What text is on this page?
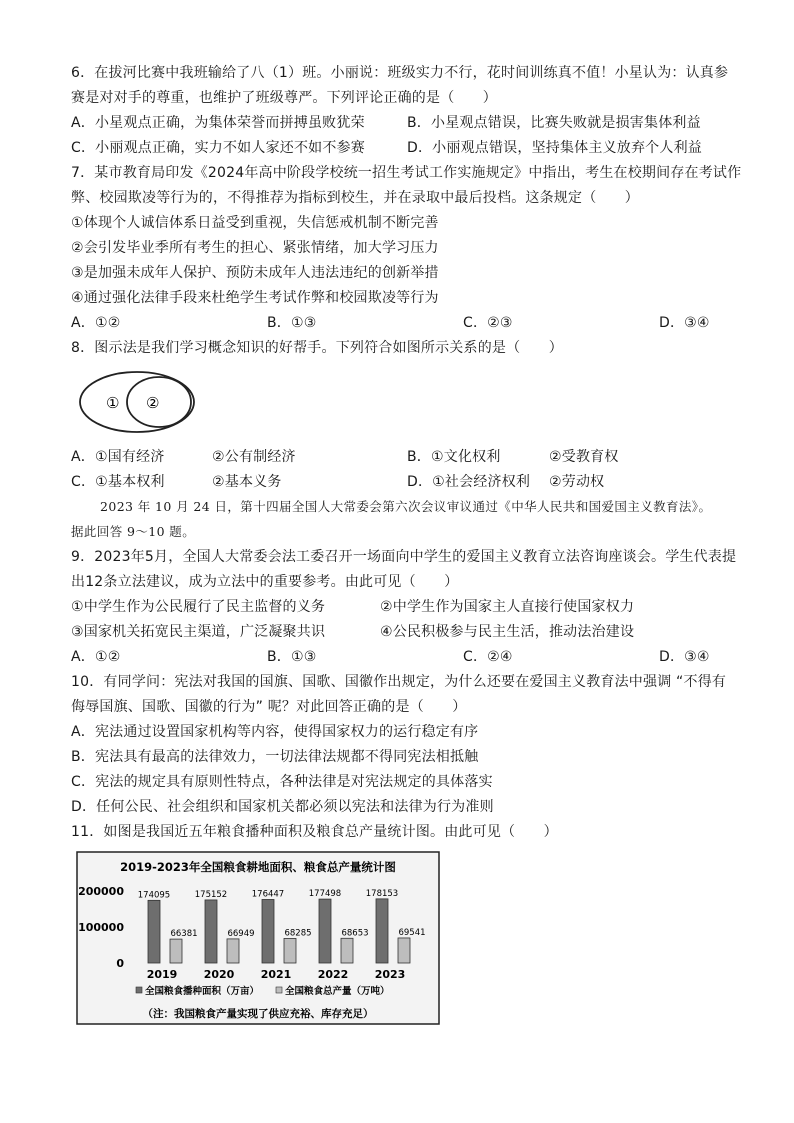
6．在拔河比赛中我班输给了八（1）班。小丽说：班级实力不行，花时间训练真不值！小星认为：认真参
赛是对对手的尊重，也维护了班级尊严。下列评论正确的是（　　）
A．小星观点正确，为集体荣誉而拼搏虽败犹荣	B．小星观点错误，比赛失败就是损害集体利益
C．小丽观点正确，实力不如人家还不如不参赛	D．小丽观点错误，坚持集体主义放弃个人利益
7．某市教育局印发《2024年高中阶段学校统一招生考试工作实施规定》中指出，考生在校期间存在考试作
弊、校园欺凌等行为的，不得推荐为指标到校生，并在录取中最后投档。这条规定（　　）
①体现个人诚信体系日益受到重视，失信惩戒机制不断完善
②会引发毕业季所有考生的担心、紧张情绪，加大学习压力
③是加强未成年人保护、预防未成年人违法违纪的创新举措
④通过强化法律手段来杜绝学生考试作弊和校园欺凌等行为
A．①②	B．①③	C．②③	D．③④
8．图示法是我们学习概念知识的好帮手。下列符合如图所示关系的是（　　）
① ②
A．①国有经济	②公有制经济	B．①文化权利	②受教育权
C．①基本权利	②基本义务	D．①社会经济权利 ②劳动权
2023 年 10 月 24 日，第十四届全国人大常委会第六次会议审议通过《中华人民共和国爱国主义教育法》。
据此回答 9～10 题。
9．2023年5月，全国人大常委会法工委召开一场面向中学生的爱国主义教育立法咨询座谈会。学生代表提
出12条立法建议，成为立法中的重要参考。由此可见（　　）
①中学生作为公民履行了民主监督的义务	②中学生作为国家主人直接行使国家权力
③国家机关拓宽民主渠道，广泛凝聚共识	④公民积极参与民主生活，推动法治建设
A．①②	B．①③	C．②④	D．③④
10．有同学问：宪法对我国的国旗、国歌、国徽作出规定，为什么还要在爱国主义教育法中强调 “不得有
侮辱国旗、国歌、国徽的行为” 呢？对此回答正确的是（　　）
A．宪法通过设置国家机构等内容，使得国家权力的运行稳定有序
B．宪法具有最高的法律效力，一切法律法规都不得同宪法相抵触
C．宪法的规定具有原则性特点，各种法律是对宪法规定的具体落实
D．任何公民、社会组织和国家机关都必须以宪法和法律为行为准则
11．如图是我国近五年粮食播种面积及粮食总产量统计图。由此可见（　　）
2019-2023年全国粮食耕地面积、粮食总产量统计图
0
100000
200000 174095
66381
2019
175152
66949
2020
176447
68285
2021
177498
68653
2022
178153
69541
2023
全国粮食播种面积（万亩）	全国粮食总产量（万吨）
（注：我国粮食产量实现了供应充裕、库存充足）
